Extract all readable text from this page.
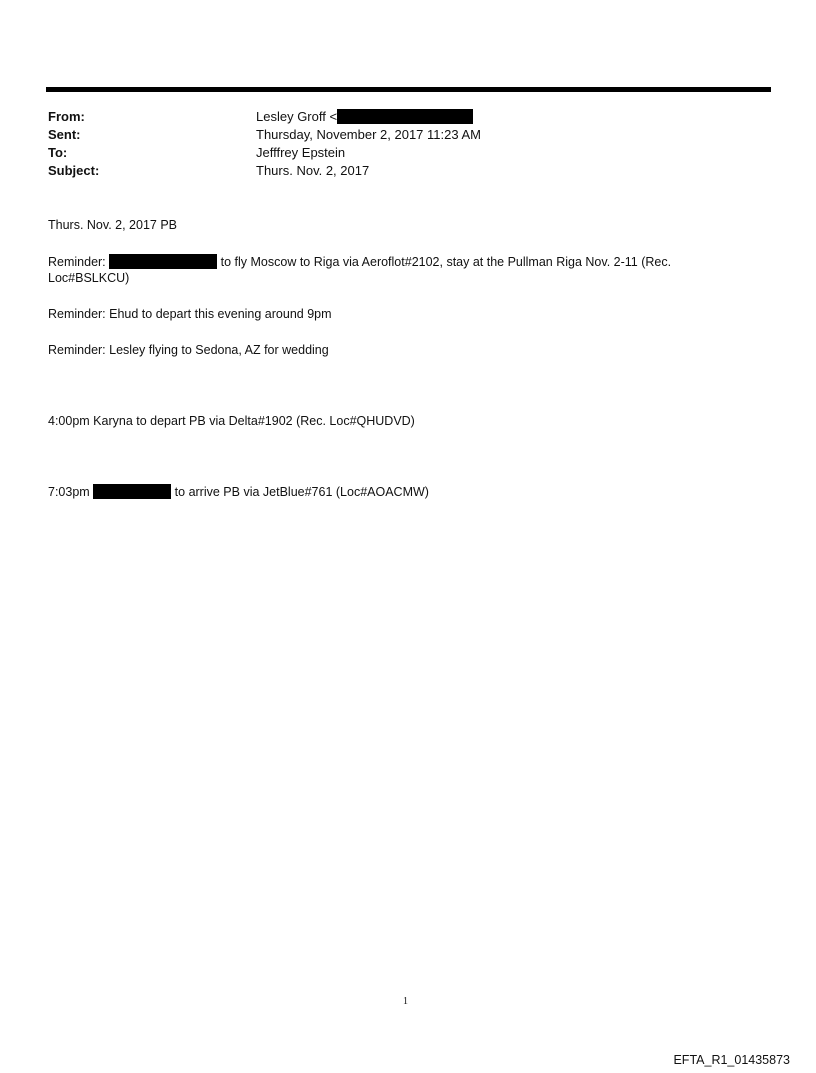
From:	Lesley Groff <
Sent:	Thursday, November 2, 2017 11:23 AM
To:	Jefffrey Epstein
Subject:	Thurs. Nov. 2, 2017
Thurs. Nov. 2, 2017 PB
Reminder:	to fly Moscow to Riga via Aeroflot#2102, stay at the Pullman Riga Nov. 2-11 (Rec.
Loc#BSLKCU)
Reminder: Ehud to depart this evening around 9pm
Reminder: Lesley flying to Sedona, AZ for wedding
4:00pm Karyna to depart PB via Delta#1902 (Rec. Loc#QHUDVD)
7:03pm	to arrive PB via JetBlue#761 (Loc#AOACMW)
1
EFTA_R1_01435873
